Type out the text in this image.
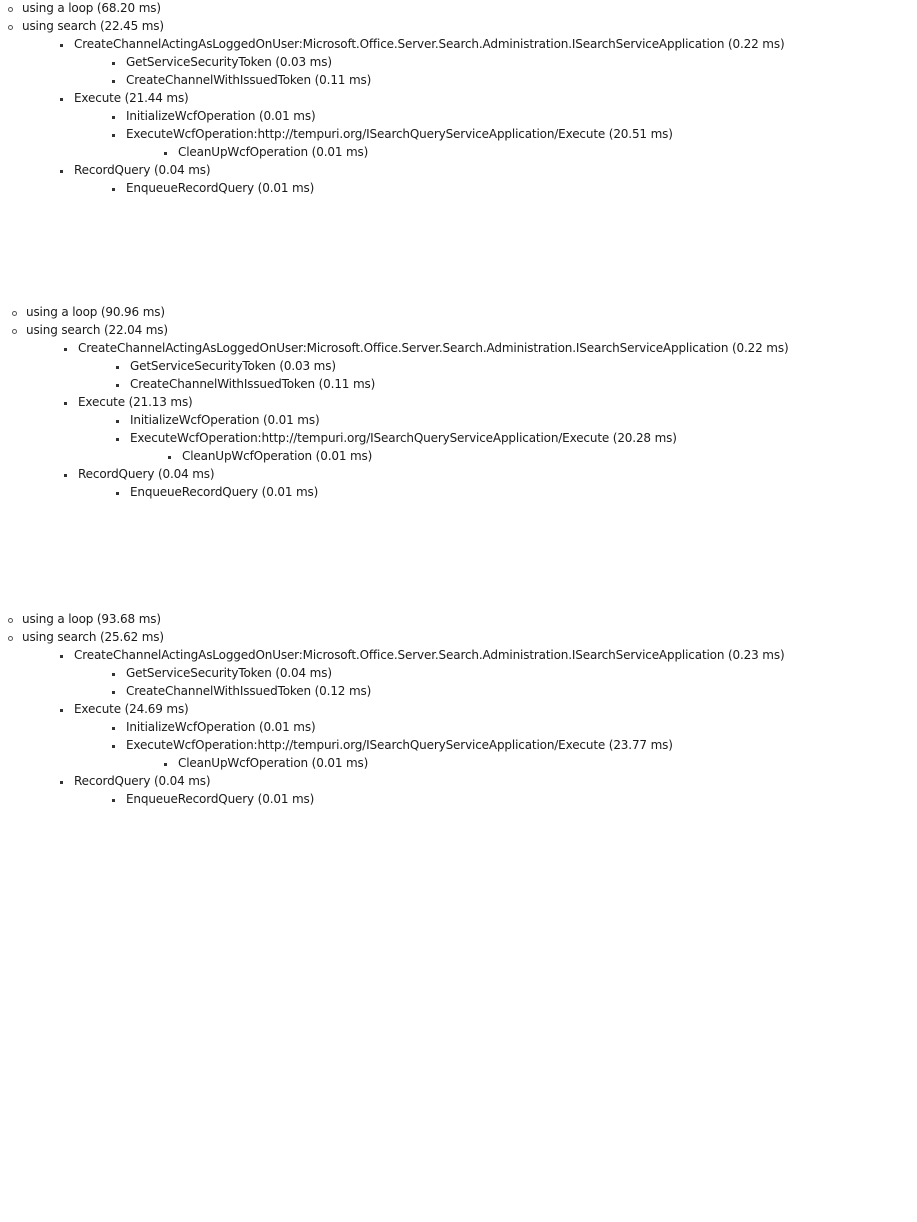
using a loop (68.20 ms)
using search (22.45 ms)
CreateChannelActingAsLoggedOnUser:Microsoft.Office.Server.Search.Administration.ISearchServiceApplication (0.22 ms)
GetServiceSecurityToken (0.03 ms)
CreateChannelWithIssuedToken (0.11 ms)
Execute (21.44 ms)
InitializeWcfOperation (0.01 ms)
ExecuteWcfOperation:http://tempuri.org/ISearchQueryServiceApplication/Execute (20.51 ms)
CleanUpWcfOperation (0.01 ms)
RecordQuery (0.04 ms)
EnqueueRecordQuery (0.01 ms)
using a loop (90.96 ms)
using search (22.04 ms)
CreateChannelActingAsLoggedOnUser:Microsoft.Office.Server.Search.Administration.ISearchServiceApplication (0.22 ms)
GetServiceSecurityToken (0.03 ms)
CreateChannelWithIssuedToken (0.11 ms)
Execute (21.13 ms)
InitializeWcfOperation (0.01 ms)
ExecuteWcfOperation:http://tempuri.org/ISearchQueryServiceApplication/Execute (20.28 ms)
CleanUpWcfOperation (0.01 ms)
RecordQuery (0.04 ms)
EnqueueRecordQuery (0.01 ms)
using a loop (93.68 ms)
using search (25.62 ms)
CreateChannelActingAsLoggedOnUser:Microsoft.Office.Server.Search.Administration.ISearchServiceApplication (0.23 ms)
GetServiceSecurityToken (0.04 ms)
CreateChannelWithIssuedToken (0.12 ms)
Execute (24.69 ms)
InitializeWcfOperation (0.01 ms)
ExecuteWcfOperation:http://tempuri.org/ISearchQueryServiceApplication/Execute (23.77 ms)
CleanUpWcfOperation (0.01 ms)
RecordQuery (0.04 ms)
EnqueueRecordQuery (0.01 ms)
